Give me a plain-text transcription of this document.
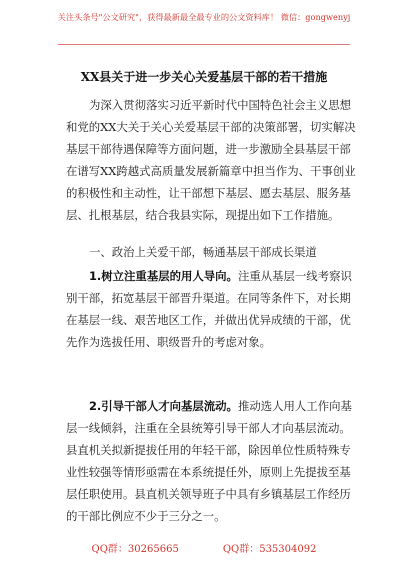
关注头条号"公文研究"，获得最新最全最专业的公文资料库！ 微信：gongwenyj
XX县关于进一步关心关爱基层干部的若干措施
为深入贯彻落实习近平新时代中国特色社会主义思想
和党的XX大关于关心关爱基层干部的决策部署，切实解决
基层干部待遇保障等方面问题，进一步激励全县基层干部
在谱写XX跨越式高质量发展新篇章中担当作为、干事创业
的积极性和主动性，让干部想下基层、愿去基层、服务基
层、扎根基层，结合我县实际，现提出如下工作措施。
一、政治上关爱干部，畅通基层干部成长渠道
1.树立注重基层的用人导向。注重从基层一线考察识
别干部，拓宽基层干部晋升渠道。在同等条件下，对长期
在基层一线、艰苦地区工作，并做出优异成绩的干部，优
先作为选拔任用、职级晋升的考虑对象。
2.引导干部人才向基层流动。推动选人用人工作向基
层一线倾斜，注重在全县统筹引导干部人才向基层流动。
县直机关拟新提拔任用的年轻干部，除因单位性质特殊专
业性较强等情形亟需在本系统提任外，原则上先提拔至基
层任职使用。县直机关领导班子中具有乡镇基层工作经历
的干部比例应不少于三分之一。
QQ群：30265665	QQ群：535304092
